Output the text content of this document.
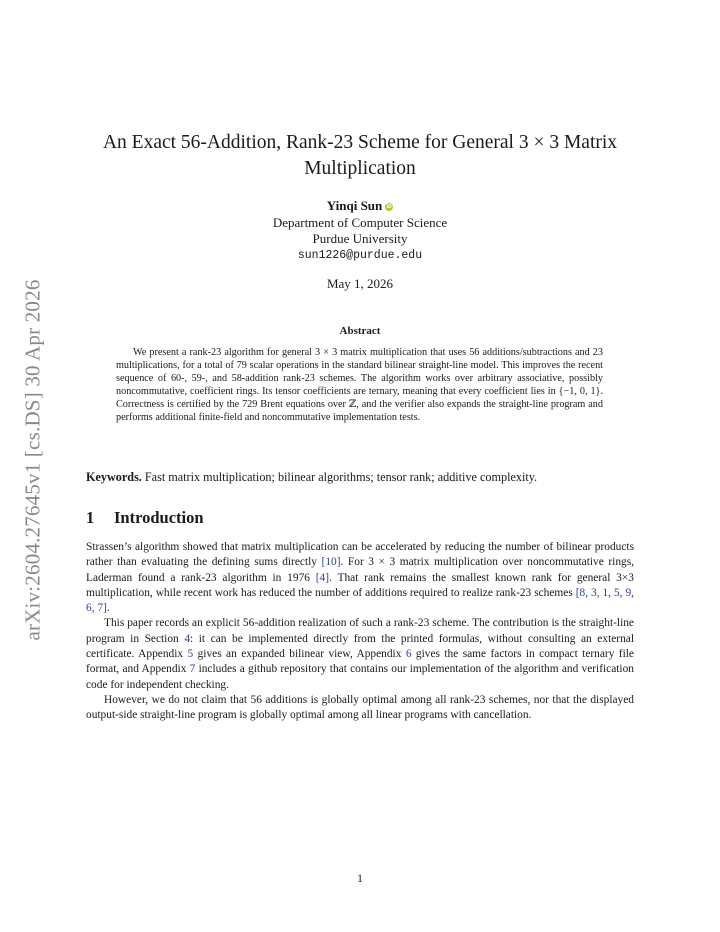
arXiv:2604.27645v1 [cs.DS] 30 Apr 2026
An Exact 56-Addition, Rank-23 Scheme for General 3 × 3 Matrix
Multiplication
Yinqi Sun iD
Department of Computer Science
Purdue University
sun1226@purdue.edu
May 1, 2026
Abstract

We present a rank-23 algorithm for general 3 × 3 matrix multiplication that uses 56 additions/subtractions and 23 multiplications, for a total of 79 scalar operations in the standard bilinear straight-line model. This improves the recent sequence of 60-, 59-, and 58-addition rank-23 schemes. The algorithm works over arbitrary associative, possibly noncommutative, coefficient rings. Its tensor coefficients are ternary, meaning that every coefficient lies in {−1, 0, 1}. Correctness is certified by the 729 Brent equations over ℤ, and the verifier also expands the straight-line program and performs additional finite-field and noncommutative implementation tests.

Keywords. Fast matrix multiplication; bilinear algorithms; tensor rank; additive complexity.
1 Introduction

Strassen’s algorithm showed that matrix multiplication can be accelerated by reducing the number of bilinear products rather than evaluating the defining sums directly [10]. For 3 × 3 matrix multiplication over noncommutative rings, Laderman found a rank-23 algorithm in 1976 [4]. That rank remains the smallest known rank for general 3×3 multiplication, while recent work has reduced the number of additions required to realize rank-23 schemes [8, 3, 1, 5, 9, 6, 7].

This paper records an explicit 56-addition realization of such a rank-23 scheme. The contribution is the straight-line program in Section 4: it can be implemented directly from the printed formulas, without consulting an external certificate. Appendix 5 gives an expanded bilinear view, Appendix 6 gives the same factors in compact ternary file format, and Appendix 7 includes a github repository that contains our implementation of the algorithm and verification code for independent checking.

However, we do not claim that 56 additions is globally optimal among all rank-23 schemes, nor that the displayed output-side straight-line program is globally optimal among all linear programs with cancellation.

1
